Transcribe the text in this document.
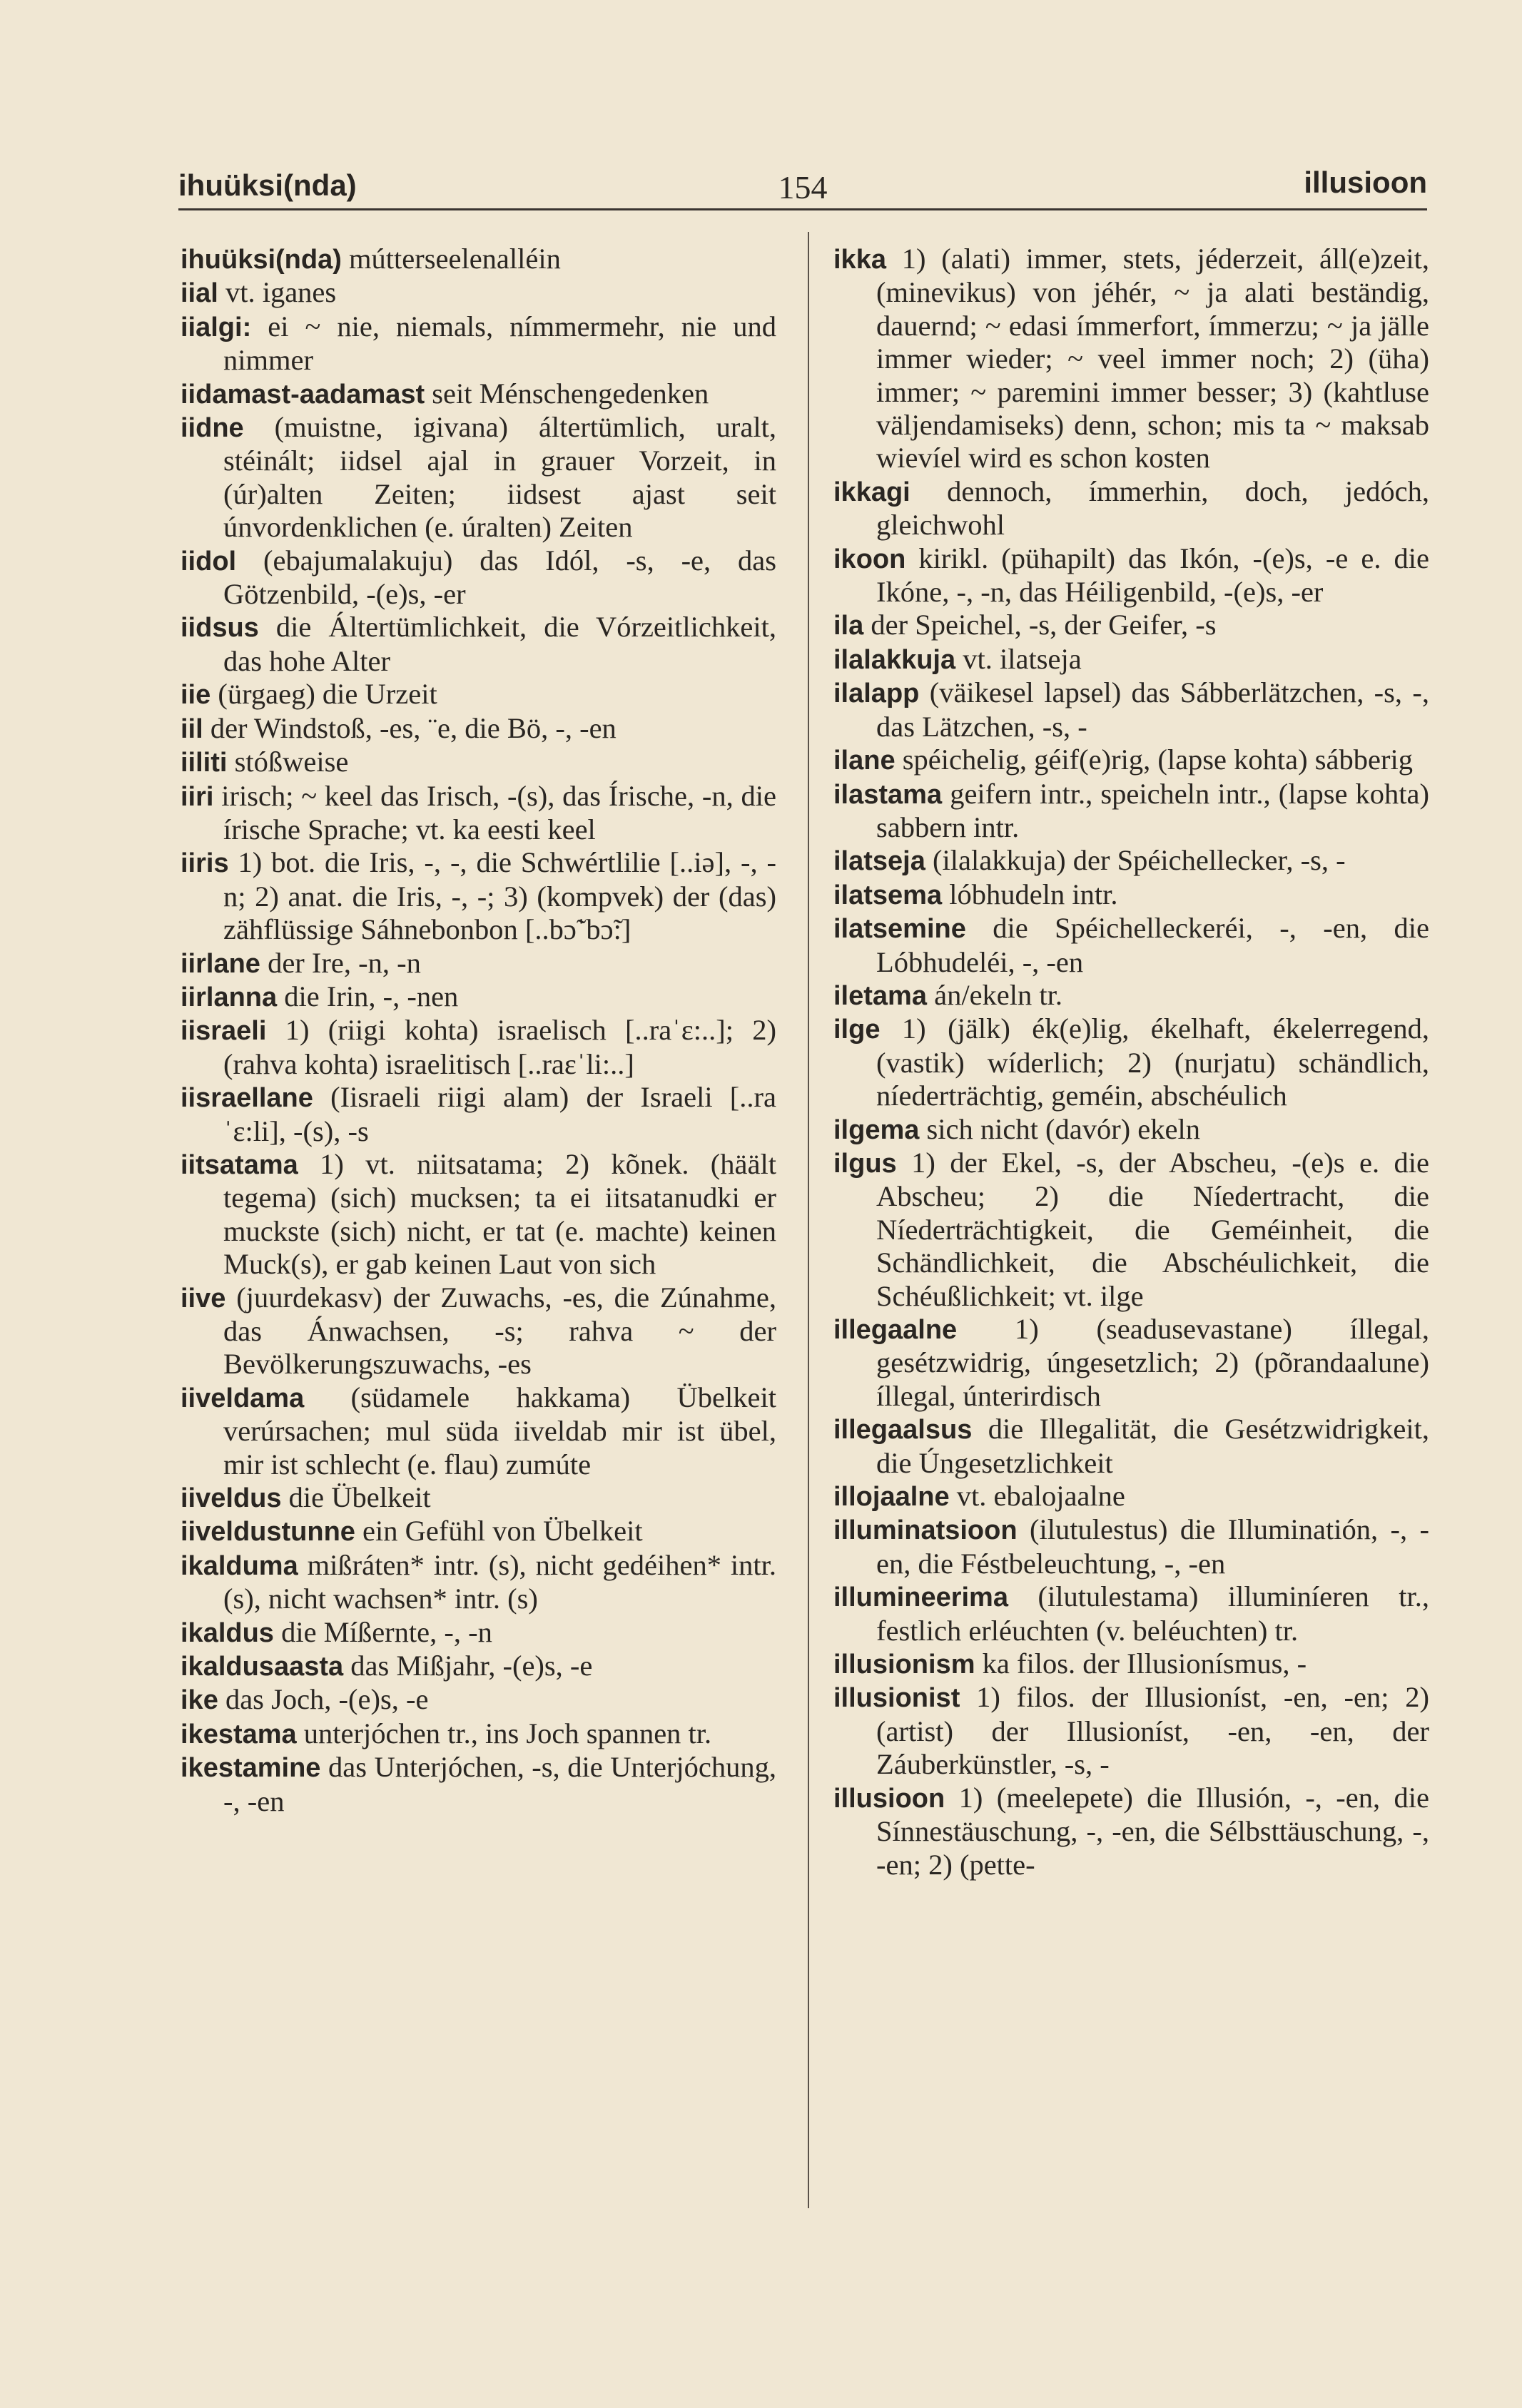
ihuüksi(nda)	154	illusioon

ihuüksi(nda) mútterseelenalléin

iial vt. iganes

iialgi: ei ~ nie, niemals, nímmermehr, nie und nimmer

iidamast-aadamast seit Ménschengedenken

iidne (muistne, igivana) áltertümlich, uralt, stéinált; iidsel ajal in grauer Vorzeit, in (úr)alten Zeiten; iidsest ajast seit únvordenklichen (e. úralten) Zeiten

iidol (ebajumalakuju) das Idól, -s, -e, das Götzenbild, -(e)s, -er

iidsus die Áltertümlichkeit, die Vórzeitlichkeit, das hohe Alter

iie (ürgaeg) die Urzeit

iil der Windstoß, -es, ¨e, die Bö, -, -en

iiliti stóßweise

iiri irisch; ~ keel das Irisch, -(s), das Írische, -n, die írische Sprache; vt. ka eesti keel

iiris 1) bot. die Iris, -, -, die Schwértlilie [..iə], -, -n; 2) anat. die Iris, -, -; 3) (kompvek) der (das) zähflüssige Sáhnebonbon [..bɔ̃ˈbɔ̃:]

iirlane der Ire, -n, -n

iirlanna die Irin, -, -nen

iisraeli 1) (riigi kohta) israelisch [..raˈɛ:..]; 2) (rahva kohta) israelitisch [..raɛˈli:..]

iisraellane (Iisraeli riigi alam) der Israeli [..raˈɛ:li], -(s), -s

iitsatama 1) vt. niitsatama; 2) kõnek. (häält tegema) (sich) mucksen; ta ei iitsatanudki er muckste (sich) nicht, er tat (e. machte) keinen Muck(s), er gab keinen Laut von sich

iive (juurdekasv) der Zuwachs, -es, die Zúnahme, das Ánwachsen, -s; rahva ~ der Bevölkerungszuwachs, -es

iiveldama (südamele hakkama) Übelkeit verúrsachen; mul süda iiveldab mir ist übel, mir ist schlecht (e. flau) zumúte

iiveldus die Übelkeit

iiveldustunne ein Gefühl von Übelkeit

ikalduma mißráten* intr. (s), nicht gedéihen* intr. (s), nicht wachsen* intr. (s)

ikaldus die Míßernte, -, -n

ikaldusaasta das Mißjahr, -(e)s, -e

ike das Joch, -(e)s, -e

ikestama unterjóchen tr., ins Joch spannen tr.

ikestamine das Unterjóchen, -s, die Unterjóchung, -, -en

ikka 1) (alati) immer, stets, jéderzeit, áll(e)zeit, (minevikus) von jéhér, ~ ja alati beständig, dauernd; ~ edasi ímmerfort, ímmerzu; ~ ja jälle immer wieder; ~ veel immer noch; 2) (üha) immer; ~ paremini immer besser; 3) (kahtluse väljendamiseks) denn, schon; mis ta ~ maksab wievíel wird es schon kosten

ikkagi dennoch, ímmerhin, doch, jedóch, gleichwohl

ikoon kirikl. (pühapilt) das Ikón, -(e)s, -e e. die Ikóne, -, -n, das Héiligenbild, -(e)s, -er

ila der Speichel, -s, der Geifer, -s

ilalakkuja vt. ilatseja

ilalapp (väikesel lapsel) das Sábberlätzchen, -s, -, das Lätzchen, -s, -

ilane spéichelig, géif(e)rig, (lapse kohta) sábberig

ilastama geifern intr., speicheln intr., (lapse kohta) sabbern intr.

ilatseja (ilalakkuja) der Spéichellecker, -s, -

ilatsema lóbhudeln intr.

ilatsemine die Spéichelleckeréi, -, -en, die Lóbhudeléi, -, -en

iletama án/ekeln tr.

ilge 1) (jälk) ék(e)lig, ékelhaft, ékelerregend, (vastik) wíderlich; 2) (nurjatu) schändlich, níederträchtig, geméin, abschéulich

ilgema sich nicht (davór) ekeln

ilgus 1) der Ekel, -s, der Abscheu, -(e)s e. die Abscheu; 2) die Níedertracht, die Níederträchtigkeit, die Geméinheit, die Schändlichkeit, die Abschéulichkeit, die Schéußlichkeit; vt. ilge

illegaalne 1) (seadusevastane) íllegal, gesétzwidrig, úngesetzlich; 2) (põrandaalune) íllegal, únterirdisch

illegaalsus die Illegalität, die Gesétzwidrigkeit, die Úngesetzlichkeit

illojaalne vt. ebalojaalne

illuminatsioon (ilutulestus) die Illuminatión, -, -en, die Féstbeleuchtung, -, -en

illumineerima (ilutulestama) illuminíeren tr., festlich erléuchten (v. beléuchten) tr.

illusionism ka filos. der Illusionísmus, -

illusionist 1) filos. der Illusioníst, -en, -en; 2) (artist) der Illusioníst, -en, -en, der Záuberkünstler, -s, -

illusioon 1) (meelepete) die Illusión, -, -en, die Sínnestäuschung, -, -en, die Sélbsttäuschung, -, -en; 2) (pette-
